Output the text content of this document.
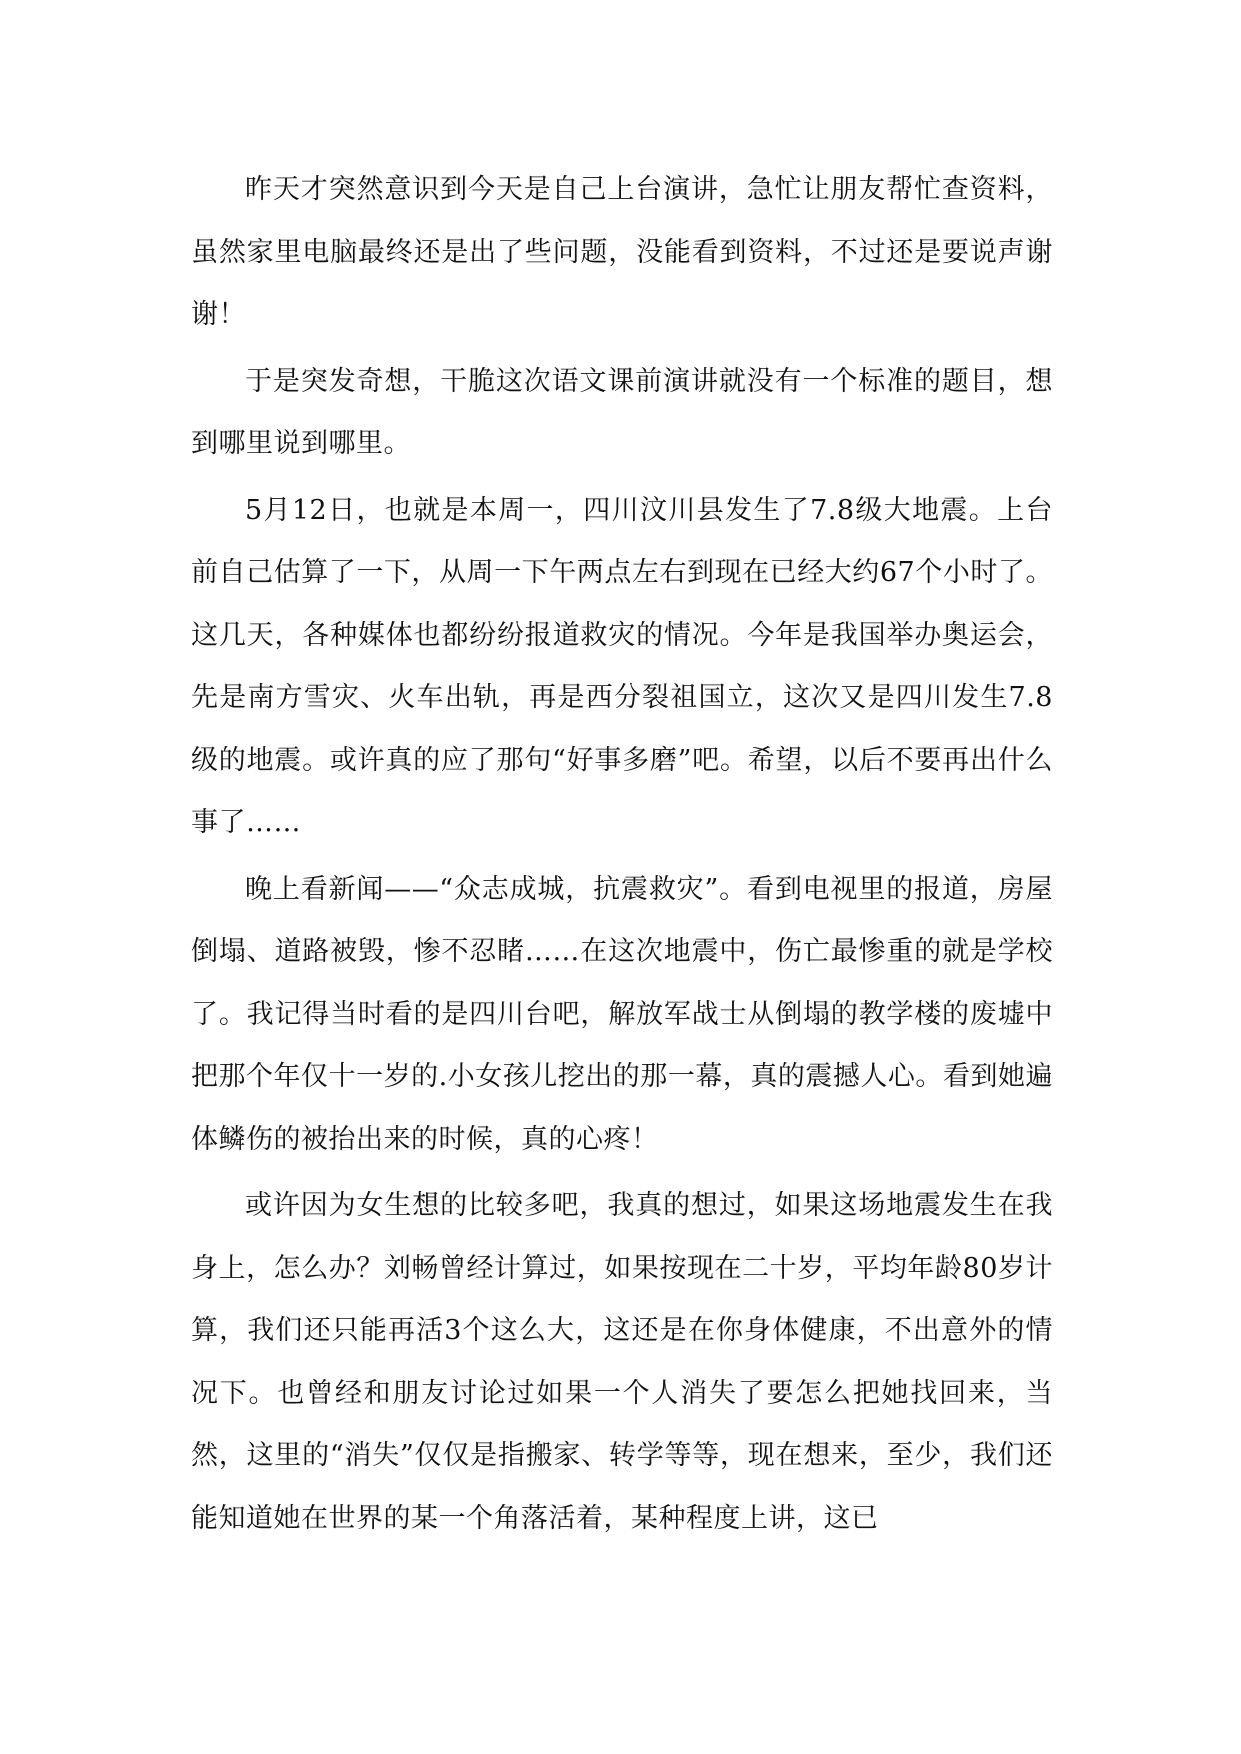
昨天才突然意识到今天是自己上台演讲，急忙让朋友帮忙查资料，虽然家里电脑最终还是出了些问题，没能看到资料，不过还是要说声谢谢！

于是突发奇想，干脆这次语文课前演讲就没有一个标准的题目，想到哪里说到哪里。

5月12日，也就是本周一，四川汶川县发生了7.8级大地震。上台前自己估算了一下，从周一下午两点左右到现在已经大约67个小时了。这几天，各种媒体也都纷纷报道救灾的情况。今年是我国举办奥运会，先是南方雪灾、火车出轨，再是西分裂祖国立，这次又是四川发生7.8级的地震。或许真的应了那句“好事多磨”吧。希望，以后不要再出什么事了……

晚上看新闻——“众志成城，抗震救灾”。看到电视里的报道，房屋倒塌、道路被毁，惨不忍睹……在这次地震中，伤亡最惨重的就是学校了。我记得当时看的是四川台吧，解放军战士从倒塌的教学楼的废墟中把那个年仅十一岁的.小女孩儿挖出的那一幕，真的震撼人心。看到她遍体鳞伤的被抬出来的时候，真的心疼！

或许因为女生想的比较多吧，我真的想过，如果这场地震发生在我身上，怎么办？刘畅曾经计算过，如果按现在二十岁，平均年龄80岁计算，我们还只能再活3个这么大，这还是在你身体健康，不出意外的情况下。也曾经和朋友讨论过如果一个人消失了要怎么把她找回来，当然，这里的“消失”仅仅是指搬家、转学等等，现在想来，至少，我们还能知道她在世界的某一个角落活着，某种程度上讲，这已
